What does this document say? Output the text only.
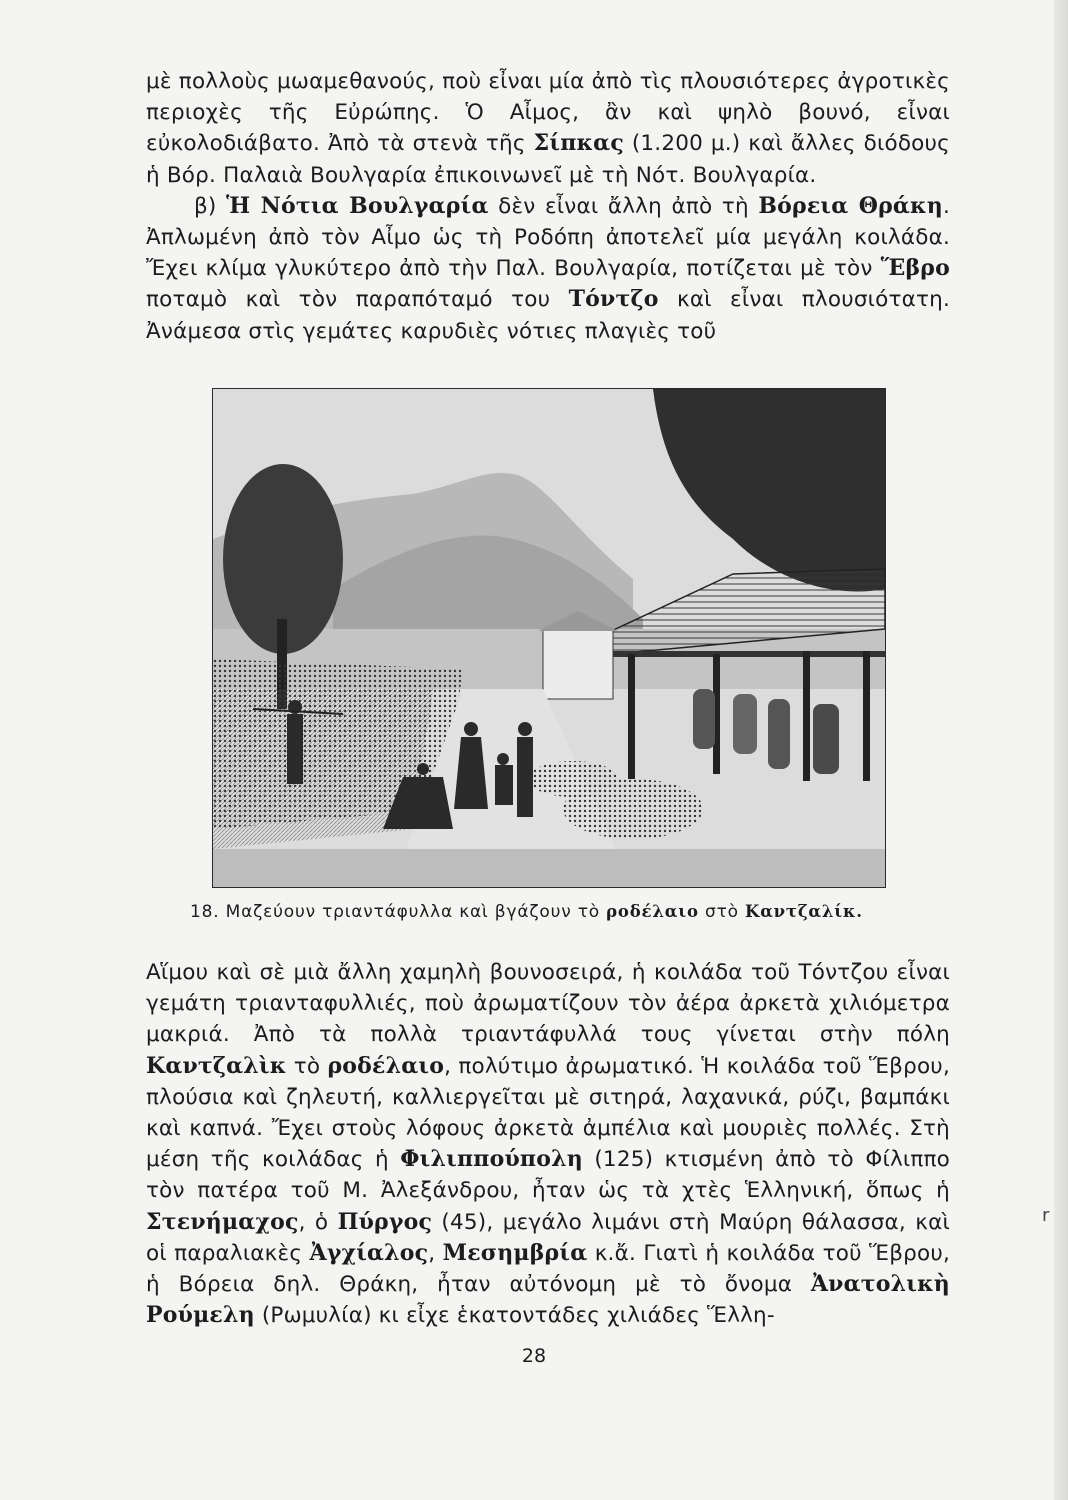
μὲ πολλοὺς μωαμεθανούς, ποὺ εἶναι μία ἀπὸ τὶς πλουσιότερες ἀγροτικὲς περιοχὲς τῆς Εὐρώπης. Ὁ Αἶμος, ἂν καὶ ψηλὸ βουνό, εἶναι εὐκολοδιάβατο. Ἀπὸ τὰ στενὰ τῆς Σίπκας (1.200 μ.) καὶ ἄλλες διόδους ἡ Βόρ. Παλαιὰ Βουλγαρία ἐπικοινωνεῖ μὲ τὴ Νότ. Βουλγαρία.

β) Ἡ Νότια Βουλγαρία δὲν εἶναι ἄλλη ἀπὸ τὴ Βόρεια Θράκη. Ἀπλωμένη ἀπὸ τὸν Αἶμο ὡς τὴ Ροδόπη ἀποτελεῖ μία μεγάλη κοιλάδα. Ἔχει κλίμα γλυκύτερο ἀπὸ τὴν Παλ. Βουλγαρία, ποτίζεται μὲ τὸν Ἕβρο ποταμὸ καὶ τὸν παραπόταμό του Τόντζο καὶ εἶναι πλουσιότατη. Ἀνάμεσα στὶς γεμάτες καρυδιὲς νότιες πλαγιὲς τοῦ

18. Μαζεύουν τριαντάφυλλα καὶ βγάζουν τὸ ροδέλαιο στὸ Καντζαλίκ.

Αἵμου καὶ σὲ μιὰ ἄλλη χαμηλὴ βουνοσειρά, ἡ κοιλάδα τοῦ Τόντζου εἶναι γεμάτη τριανταφυλλιές, ποὺ ἀρωματίζουν τὸν ἀέρα ἀρκετὰ χιλιόμετρα μακριά. Ἀπὸ τὰ πολλὰ τριαντάφυλλά τους γίνεται στὴν πόλη Καντζαλὶκ τὸ ροδέλαιο, πολύτιμο ἀρωματικό. Ἡ κοιλάδα τοῦ Ἕβρου, πλούσια καὶ ζηλευτή, καλλιεργεῖται μὲ σιτηρά, λαχανικά, ρύζι, βαμπάκι καὶ καπνά. Ἔχει στοὺς λόφους ἀρκετὰ ἀμπέλια καὶ μουριὲς πολλές. Στὴ μέση τῆς κοιλάδας ἡ Φιλιππούπολη (125) κτισμένη ἀπὸ τὸ Φίλιππο τὸν πατέρα τοῦ Μ. Ἀλεξάνδρου, ἦταν ὡς τὰ χτὲς Ἑλληνική, ὅπως ἡ Στενήμαχος, ὁ Πύργος (45), μεγάλο λιμάνι στὴ Μαύρη θάλασσα, καὶ οἱ παραλιακὲς Ἀγχίαλος, Μεσημβρία κ.ἄ. Γιατὶ ἡ κοιλάδα τοῦ Ἕβρου, ἡ Βόρεια δηλ. Θράκη, ἦταν αὐτόνομη μὲ τὸ ὄνομα Ἀνατολικὴ Ρούμελη (Ρωμυλία) κι εἶχε ἑκατοντάδες χιλιάδες Ἕλλη-

28
r
